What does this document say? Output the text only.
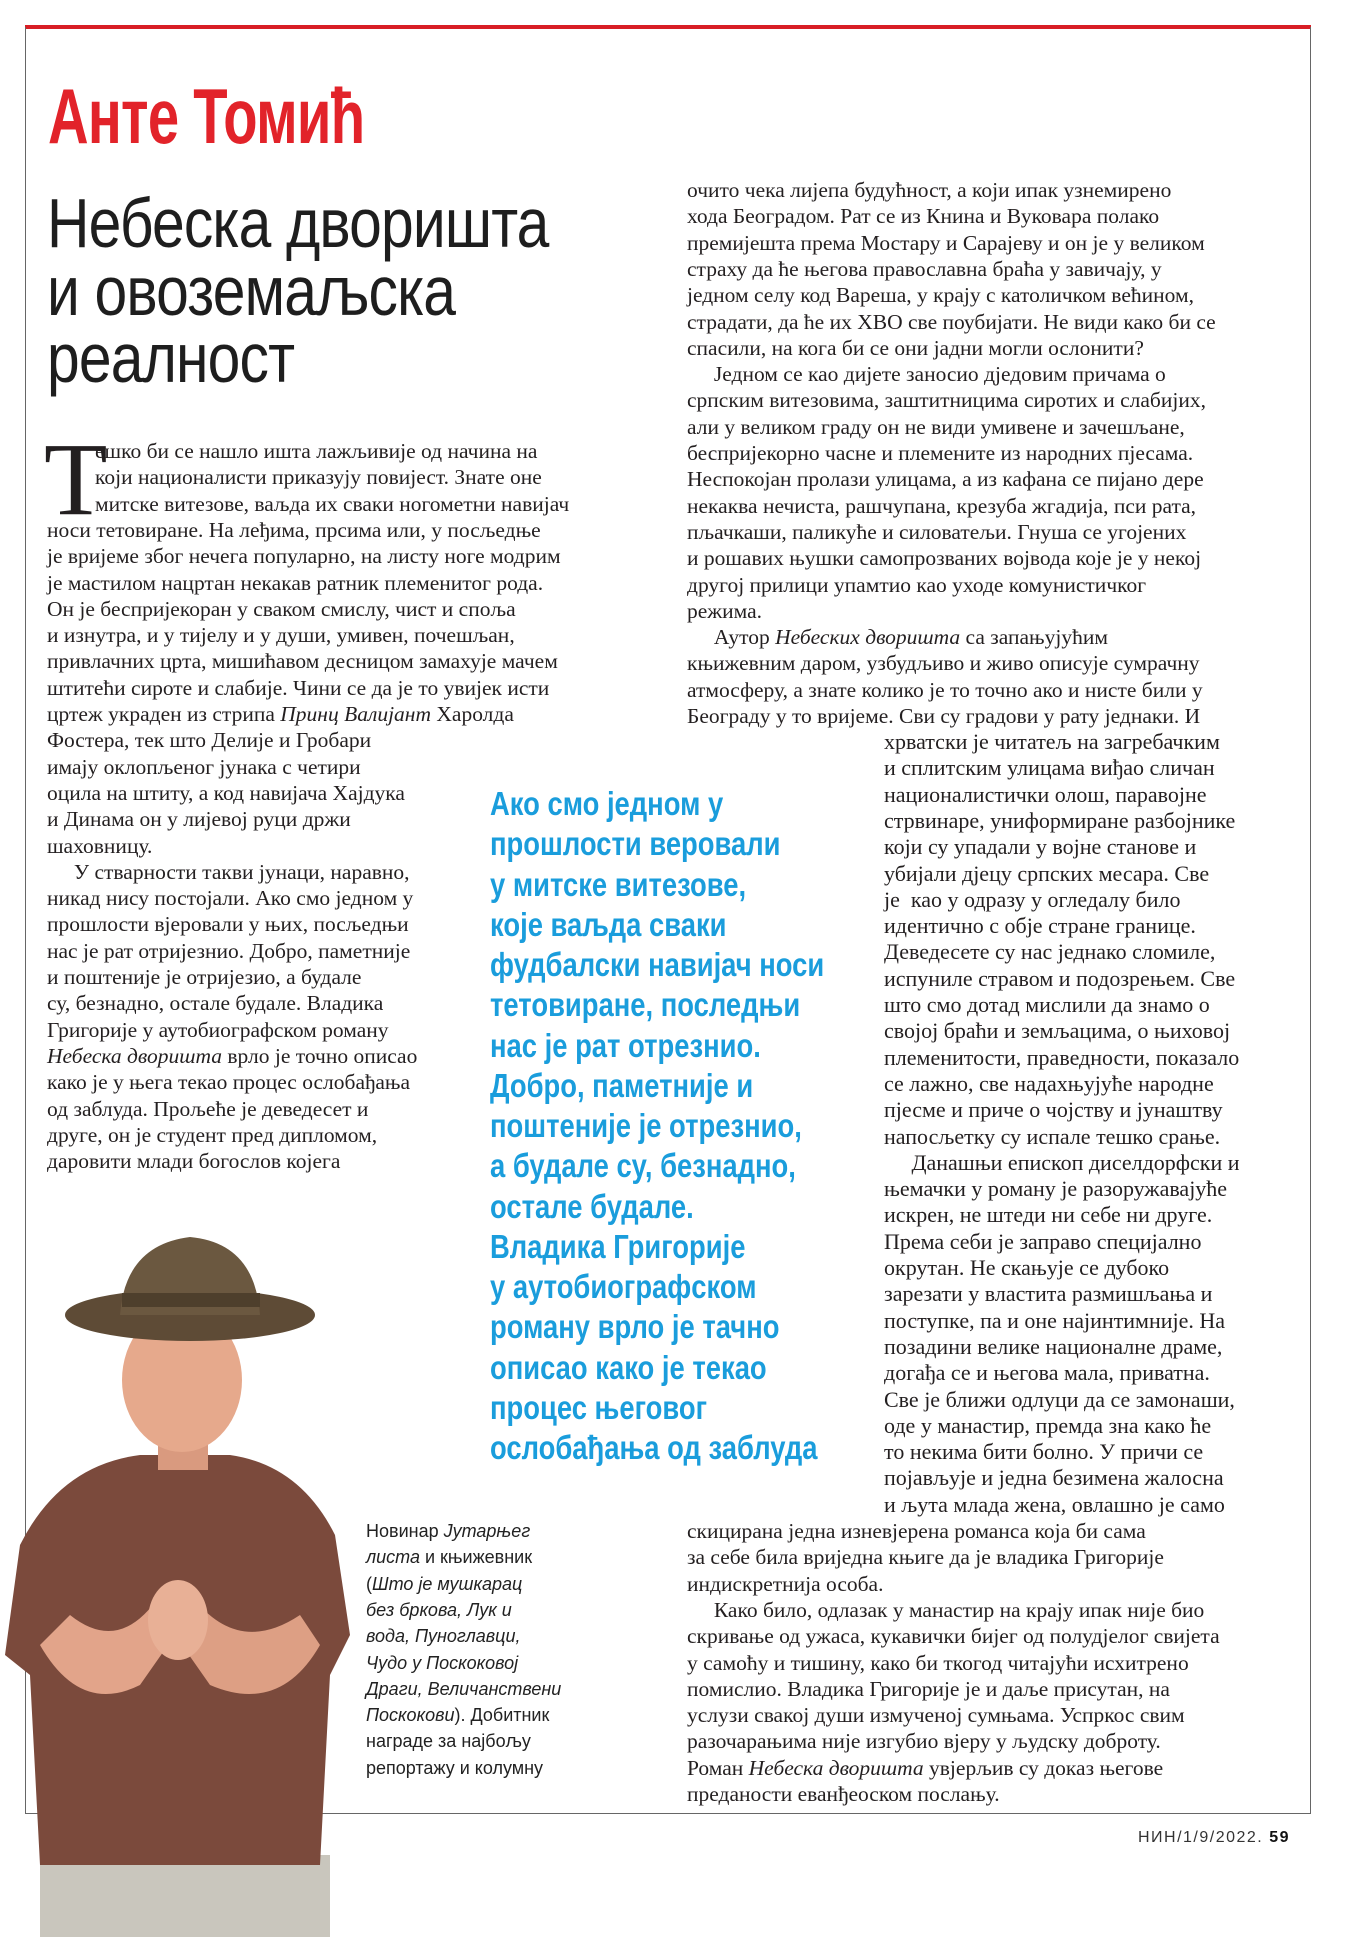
Анте Томић
Небеска дворишта
и овоземаљска
реалност
Т
ешко би се нашло ишта лажљивије од начина на
који националисти приказују повијест. Знате оне
митске витезове, ваљда их сваки ногометни навијач
носи тетовиране. На леђима, прсима или, у посљедње
је вријеме због нечега популарно, на листу ноге модрим
је мастилом нацртан некакав ратник племенитог рода.
Он је беспријекоран у сваком смислу, чист и споља
и изнутра, и у тијелу и у души, умивен, почешљан,
привлачних црта, мишићавом десницом замахује мачем
штитећи сироте и слабије. Чини се да је то увијек исти
цртеж украден из стрипа Принц Валијант Харолда
Фостера, тек што Делије и Гробари
имају оклопљеног јунака с четири
оцила на штиту, а код навијача Хајдука
и Динама он у лијевој руци држи
шаховницу.
У стварности такви јунаци, наравно,
никад нису постојали. Ако смо једном у
прошлости вјеровали у њих, посљедњи
нас је рат отријезнио. Добро, паметније
и поштеније је отријезио, а будале
су, безнадно, остале будале. Владика
Григорије у аутобиографском роману
Небеска дворишта врло је точно описао
како је у њега текао процес ослобађања
од заблуда. Прољеће је деведесет и
друге, он је студент пред дипломом,
даровити млади богослов којега
очито чека лијепа будућност, а који ипак узнемирено
хода Београдом. Рат се из Книна и Вуковара полако
премијешта према Мостару и Сарајеву и он је у великом
страху да ће његова православна браћа у завичају, у
једном селу код Вареша, у крају с католичком већином,
страдати, да ће их ХВО све поубијати. Не види како би се
спасили, на кога би се они јадни могли ослонити?
Једном се као дијете заносио дједовим причама о
српским витезовима, заштитницима сиротих и слабијих,
али у великом граду он не види умивене и зачешљане,
беспријекорно часне и племените из народних пјесама.
Неспокојан пролази улицама, а из кафана се пијано дере
некаква нечиста, рашчупана, крезуба жгадија, пси рата,
пљачкаши, паликуће и силоватељи. Гнуша се угојених
и рошавих њушки самопрозваних војвода које је у некој
другој прилици упамтио као уходе комунистичког
режима.
Аутор Небеских дворишта са запањујућим
књижевним даром, узбудљиво и живо описује сумрачну
атмосферу, а знате колико је то точно ако и нисте били у
Београду у то вријеме. Сви су градови у рату једнаки. И
хрватски је читатељ на загребачким
и сплитским улицама виђао сличан
националистички олош, паравојне
стрвинаре, униформиране разбојнике
који су упадали у војне станове и
убијали дјецу српских месара. Све
је  као у одразу у огледалу било
идентично с обје стране границе.
Деведесете су нас једнако сломиле,
испуниле стравом и подозрењем. Све
што смо дотад мислили да знамо о
својој браћи и земљацима, о њиховој
племенитости, праведности, показало
се лажно, све надахњујуће народне
пјесме и приче о чојству и јунаштву
напосљетку су испале тешко срање.
Данашњи епископ диселдорфски и
њемачки у роману је разоружавајуће
искрен, не штеди ни себе ни друге.
Према себи је заправо специјално
окрутан. Не скањује се дубоко
зарезати у властита размишљања и
поступке, па и оне најинтимније. На
позадини велике националне драме,
догађа се и његова мала, приватна.
Све је ближи одлуци да се замонаши,
оде у манастир, премда зна како ће
то некима бити болно. У причи се
појављује и једна безимена жалосна
и љута млада жена, овлашно је само
скицирана једна изневјерена романса која би сама
за себе била вриједна књиге да је владика Григорије
индискретнија особа.
Како било, одлазак у манастир на крају ипак није био
скривање од ужаса, кукавички бијег од полудјелог свијета
у самоћу и тишину, како би ткогод читајући исхитрено
помислио. Владика Григорије је и даље присутан, на
услузи свакој души измученој сумњама. Успркос свим
разочарањима није изгубио вјеру у људску доброту.
Роман Небеска дворишта увјерљив су доказ његове
преданости еванђеоском послању.
Ако смо једном у
прошлости веровали
у митске витезове,
које ваљда сваки
фудбалски навијач носи
тетовиране, последњи
нас је рат отрезнио.
Добро, паметније и
поштеније је отрезнио,
а будале су, безнадно,
остале будале.
Владика Григорије
у аутобиографском
роману врло је тачно
описао како је текао
процес његовог
ослобађања од заблуда
Новинар Јутарњег
листа и књижевник
(Што је мушкарац
без бркова, Лук и
вода, Пуноглавци,
Чудо у Поскоковој
Драги, Величанствени
Поскокови). Добитник
награде за најбољу
репортажу и колумну
НИН/1/9/2022. 59
